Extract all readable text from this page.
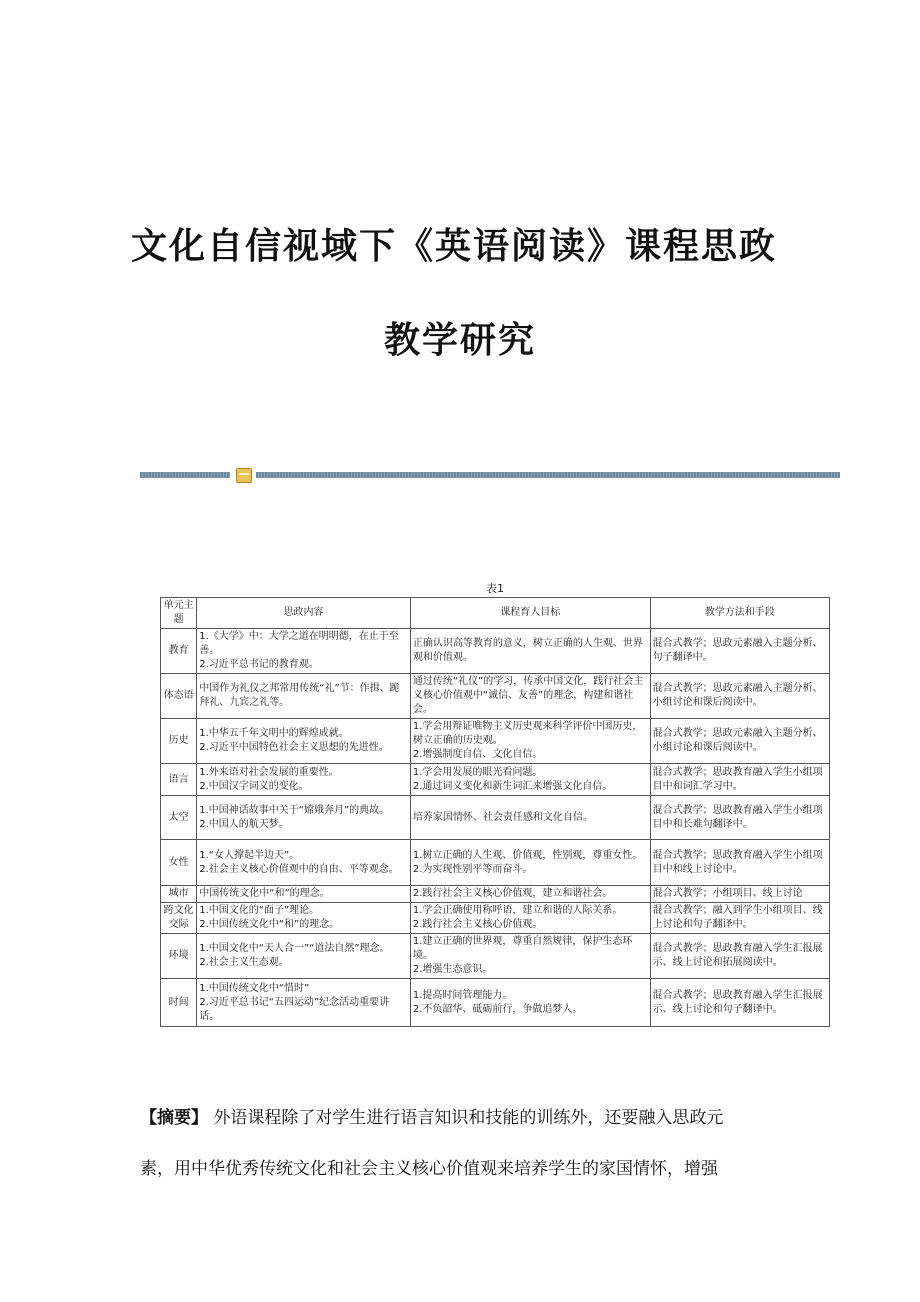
文化自信视域下《英语阅读》课程思政
教学研究
表1
单元主题	思政内容	课程育人目标	教学方法和手段
教育	1.《大学》中：大学之道在明明德，在止于至善。
2.习近平总书记的教育观。	正确认识高等教育的意义，树立正确的人生观、世界观和价值观。	混合式教学；思政元素融入主题分析、句子翻译中。

体态语	中国作为礼仪之邦常用传统“礼”节：作揖、跪拜礼、九宾之礼等。	通过传统“礼仪”的学习，传承中国文化，践行社会主义核心价值观中“诚信、友善”的理念，构建和谐社会。	混合式教学；思政元素融入主题分析、小组讨论和课后阅读中。

历史	1.中华五千年文明中的辉煌成就。
2.习近平中国特色社会主义思想的先进性。	1.学会用辩证唯物主义历史观来科学评价中国历史，树立正确的历史观。
2.增强制度自信、文化自信。	混合式教学；思政元素融入主题分析、小组讨论和课后阅读中。

语言	1.外来语对社会发展的重要性。
2.中国汉字词义的变化。	1.学会用发展的眼光看问题。
2.通过词义变化和新生词汇来增强文化自信。	混合式教学；思政教育融入学生小组项目中和词汇学习中。

太空	1.中国神话故事中关于“嫦娥奔月”的典故。
2.中国人的航天梦。	培养家国情怀、社会责任感和文化自信。	混合式教学；思政教育融入学生小组项目中和长难句翻译中。

女性	1.“女人撑起半边天”。
2.社会主义核心价值观中的自由、平等观念。	1.树立正确的人生观、价值观，性别观，尊重女性。
2.为实现性别平等而奋斗。	混合式教学；思政教育融入学生小组项目中和线上讨论中。

城市	中国传统文化中“和”的理念。	2.践行社会主义核心价值观，建立和谐社会。	混合式教学；小组项目、线上讨论

跨文化交际	1.中国文化的“面子”理论。
2.中国传统文化中“和”的理念。	1.学会正确使用称呼语，建立和谐的人际关系。
2.践行社会主义核心价值观。	混合式教学；融入到学生小组项目、线上讨论和句子翻译中。

环境	1.中国文化中“天人合一”“道法自然”理念。
2.社会主义生态观。	1.建立正确的世界观，尊重自然规律，保护生态环境。
2.增强生态意识。	混合式教学；思政教育融入学生汇报展示、线上讨论和拓展阅读中。

时间	1.中国传统文化中“惜时”
2.习近平总书记“五四运动”纪念活动重要讲话。	1.提高时间管理能力。
2.不负韶华、砥砺前行，争做追梦人。	混合式教学；思政教育融入学生汇报展示、线上讨论和句子翻译中。
【摘要】 外语课程除了对学生进行语言知识和技能的训练外，还要融入思政元
素，用中华优秀传统文化和社会主义核心价值观来培养学生的家国情怀，增强
